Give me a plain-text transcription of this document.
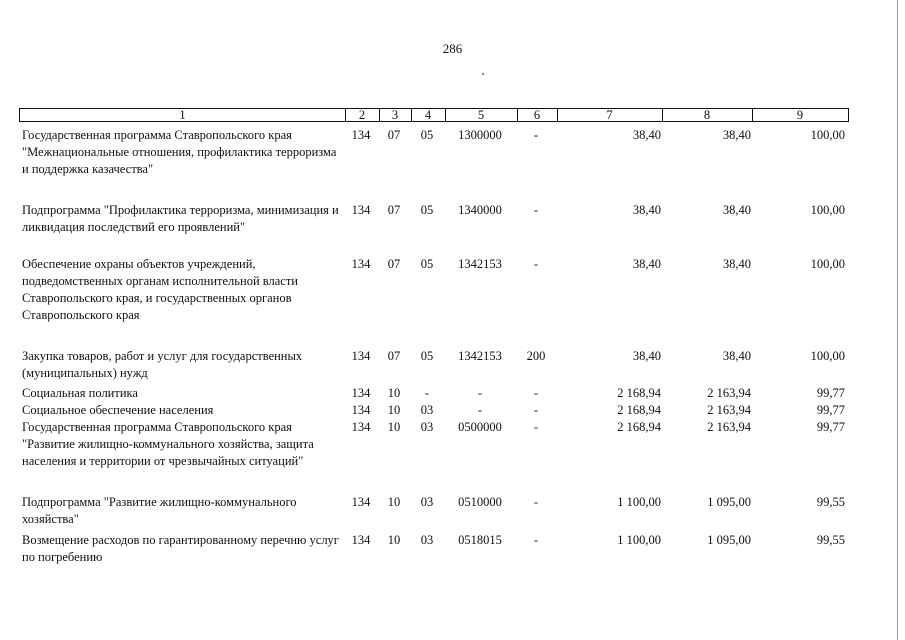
286
1	2	3	4	5	6	7	8	9
Государственная программа Ставропольского края "Межнациональные отношения, профилактика терроризма и поддержка казачества"
134	07	05	1300000	-	38,40	38,40	100,00
Подпрограмма "Профилактика терроризма, минимизация и ликвидация последствий его проявлений"
134	07	05	1340000	-	38,40	38,40	100,00
Обеспечение охраны объектов учреждений, подведомственных органам исполнительной власти Ставропольского края, и государственных органов Ставропольского края
134	07	05	1342153	-	38,40	38,40	100,00
Закупка товаров, работ и услуг для государственных (муниципальных) нужд
134	07	05	1342153	200	38,40	38,40	100,00
Социальная политика	134	10	-	-	-	2 168,94	2 163,94	99,77
Социальное обеспечение населения	134	10	03	-	-	2 168,94	2 163,94	99,77
Государственная программа Ставропольского края "Развитие жилищно-коммунального хозяйства, защита населения и территории от чрезвычайных ситуаций"
134	10	03	0500000	-	2 168,94	2 163,94	99,77
Подпрограмма "Развитие жилищно-коммунального хозяйства"
134	10	03	0510000	-	1 100,00	1 095,00	99,55
Возмещение расходов по гарантированному перечню услуг по погребению
134	10	03	0518015	-	1 100,00	1 095,00	99,55
